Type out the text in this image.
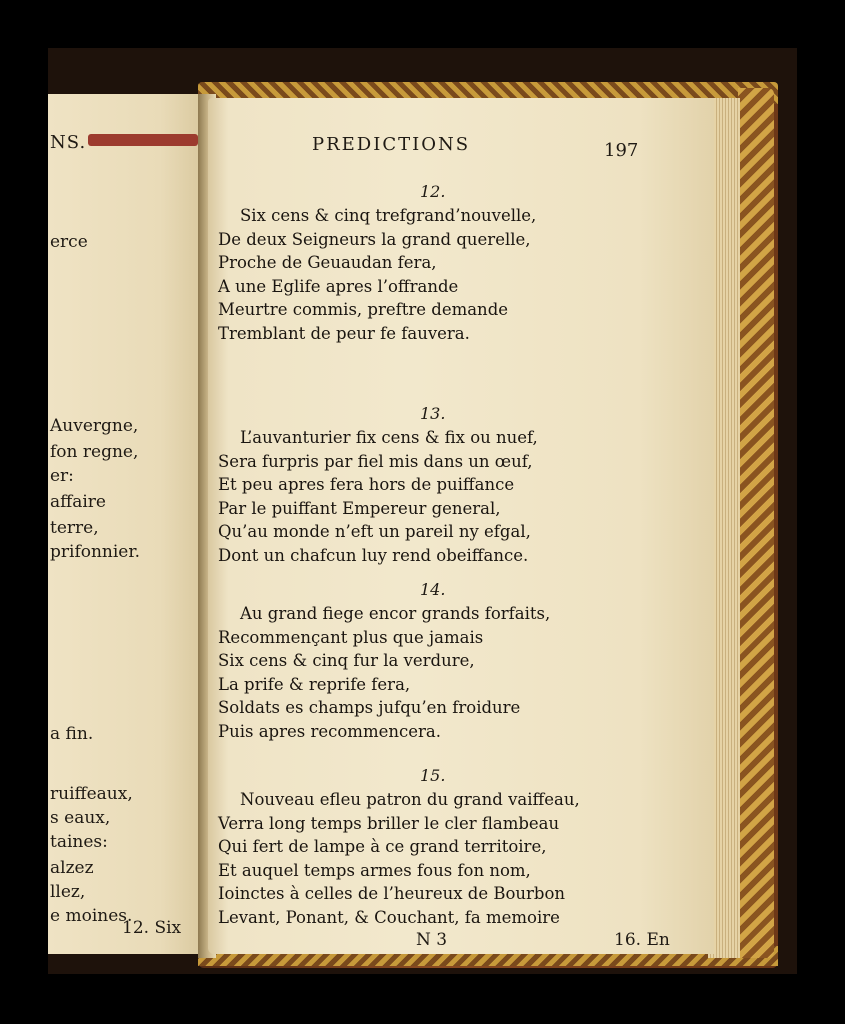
NS.
erce
Auvergne,
fon regne,
er:
affaire
terre,
prifonnier.
a fin.
ruiffeaux,
s eaux,
taines:
alzez
llez,
e moines.
12. Six
PREDICTIONS	197
12.
Six cens & cinq trefgrand’nouvelle,
De deux Seigneurs la grand querelle,
Proche de Geuaudan fera,
A une Eglife apres l’offrande
Meurtre commis, preftre demande
Tremblant de peur fe fauvera.
13.
L’auvanturier fix cens & fix ou nuef,
Sera furpris par fiel mis dans un œuf,
Et peu apres fera hors de puiffance
Par le puiffant Empereur general,
Qu’au monde n’eft un pareil ny efgal,
Dont un chafcun luy rend obeiffance.
14.
Au grand fiege encor grands forfaits,
Recommençant plus que jamais
Six cens & cinq fur la verdure,
La prife & reprife fera,
Soldats es champs jufqu’en froidure
Puis apres recommencera.
15.
Nouveau efleu patron du grand vaiffeau,
Verra long temps briller le cler flambeau
Qui fert de lampe à ce grand territoire,
Et auquel temps armes fous fon nom,
Ioinctes à celles de l’heureux de Bourbon
Levant, Ponant, & Couchant, fa memoire
N 3	16. En
